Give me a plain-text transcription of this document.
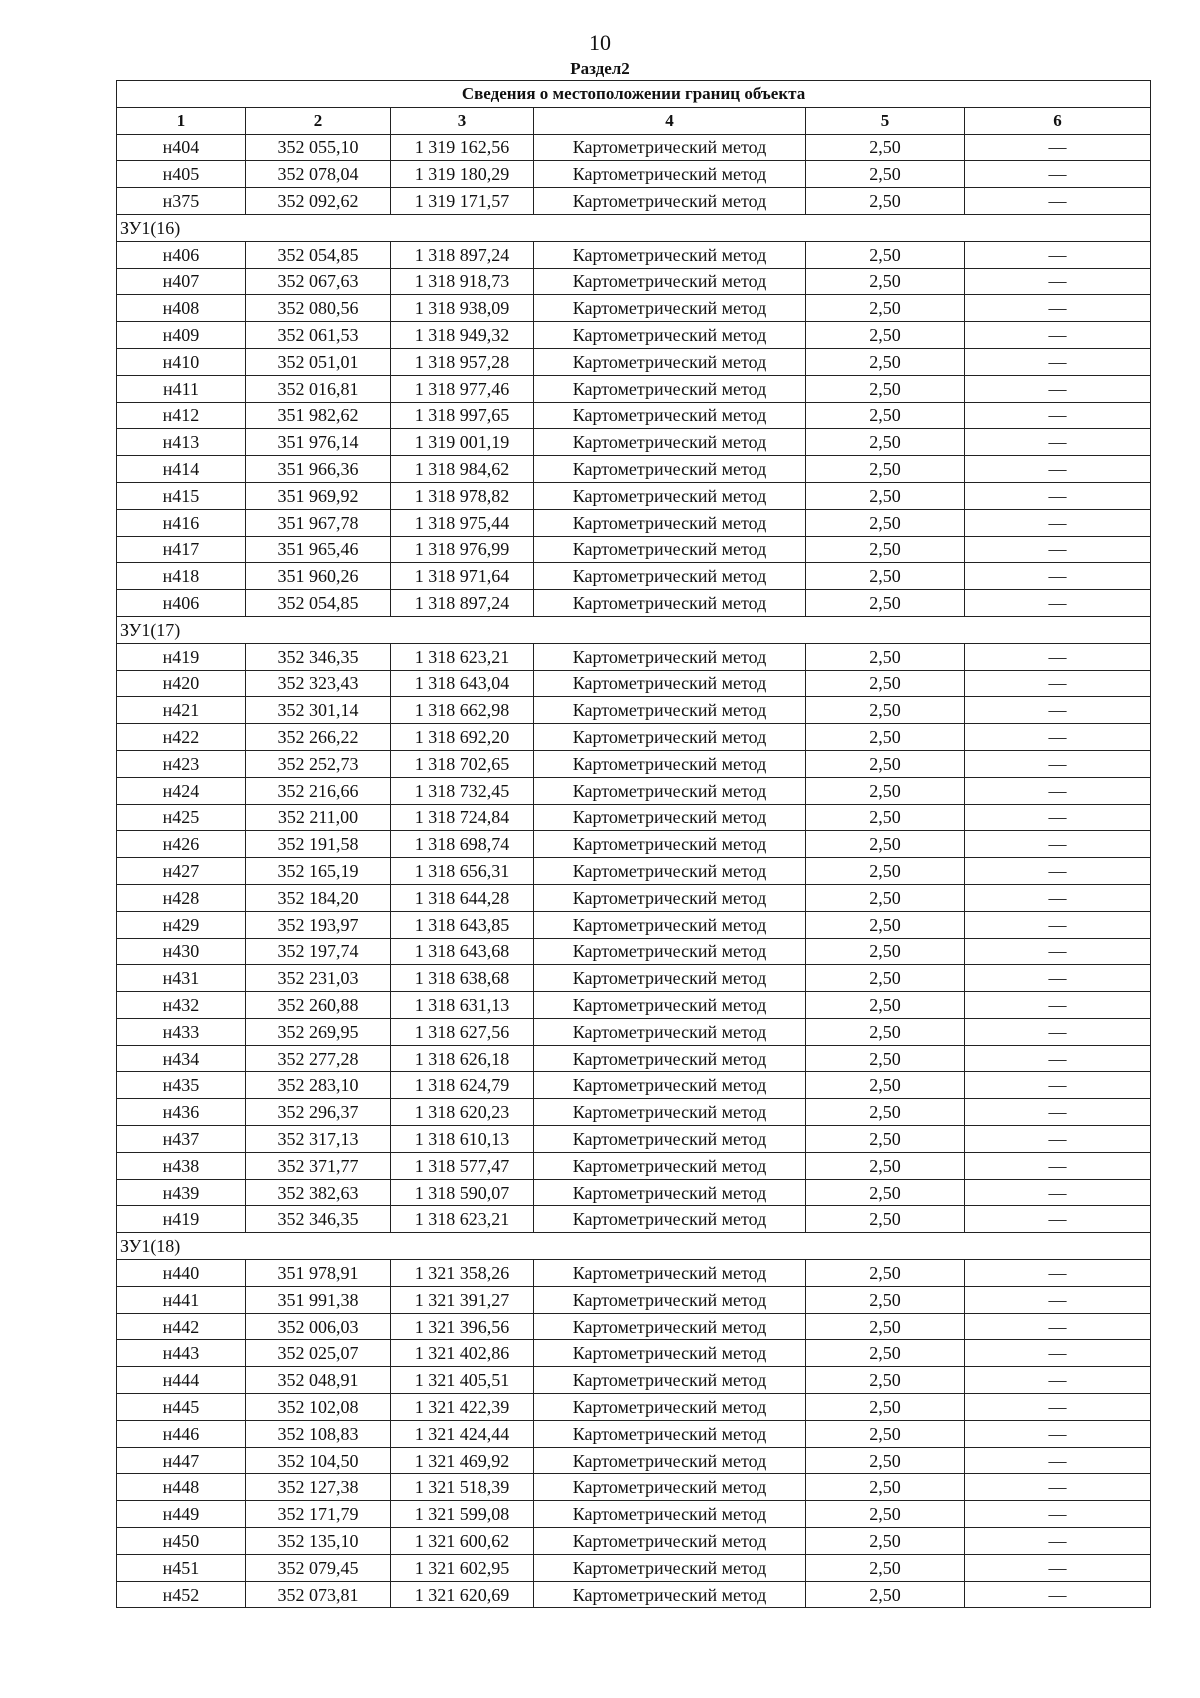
10
Раздел2
Сведения о местоположении границ объекта					
1	2	3	4	5	6
н404	352 055,10	1 319 162,56	Картометрический метод	2,50	—
н405	352 078,04	1 319 180,29	Картометрический метод	2,50	—
н375	352 092,62	1 319 171,57	Картометрический метод	2,50	—
ЗУ1(16)					
н406	352 054,85	1 318 897,24	Картометрический метод	2,50	—
н407	352 067,63	1 318 918,73	Картометрический метод	2,50	—
н408	352 080,56	1 318 938,09	Картометрический метод	2,50	—
н409	352 061,53	1 318 949,32	Картометрический метод	2,50	—
н410	352 051,01	1 318 957,28	Картометрический метод	2,50	—
н411	352 016,81	1 318 977,46	Картометрический метод	2,50	—
н412	351 982,62	1 318 997,65	Картометрический метод	2,50	—
н413	351 976,14	1 319 001,19	Картометрический метод	2,50	—
н414	351 966,36	1 318 984,62	Картометрический метод	2,50	—
н415	351 969,92	1 318 978,82	Картометрический метод	2,50	—
н416	351 967,78	1 318 975,44	Картометрический метод	2,50	—
н417	351 965,46	1 318 976,99	Картометрический метод	2,50	—
н418	351 960,26	1 318 971,64	Картометрический метод	2,50	—
н406	352 054,85	1 318 897,24	Картометрический метод	2,50	—
ЗУ1(17)					
н419	352 346,35	1 318 623,21	Картометрический метод	2,50	—
н420	352 323,43	1 318 643,04	Картометрический метод	2,50	—
н421	352 301,14	1 318 662,98	Картометрический метод	2,50	—
н422	352 266,22	1 318 692,20	Картометрический метод	2,50	—
н423	352 252,73	1 318 702,65	Картометрический метод	2,50	—
н424	352 216,66	1 318 732,45	Картометрический метод	2,50	—
н425	352 211,00	1 318 724,84	Картометрический метод	2,50	—
н426	352 191,58	1 318 698,74	Картометрический метод	2,50	—
н427	352 165,19	1 318 656,31	Картометрический метод	2,50	—
н428	352 184,20	1 318 644,28	Картометрический метод	2,50	—
н429	352 193,97	1 318 643,85	Картометрический метод	2,50	—
н430	352 197,74	1 318 643,68	Картометрический метод	2,50	—
н431	352 231,03	1 318 638,68	Картометрический метод	2,50	—
н432	352 260,88	1 318 631,13	Картометрический метод	2,50	—
н433	352 269,95	1 318 627,56	Картометрический метод	2,50	—
н434	352 277,28	1 318 626,18	Картометрический метод	2,50	—
н435	352 283,10	1 318 624,79	Картометрический метод	2,50	—
н436	352 296,37	1 318 620,23	Картометрический метод	2,50	—
н437	352 317,13	1 318 610,13	Картометрический метод	2,50	—
н438	352 371,77	1 318 577,47	Картометрический метод	2,50	—
н439	352 382,63	1 318 590,07	Картометрический метод	2,50	—
н419	352 346,35	1 318 623,21	Картометрический метод	2,50	—
ЗУ1(18)					
н440	351 978,91	1 321 358,26	Картометрический метод	2,50	—
н441	351 991,38	1 321 391,27	Картометрический метод	2,50	—
н442	352 006,03	1 321 396,56	Картометрический метод	2,50	—
н443	352 025,07	1 321 402,86	Картометрический метод	2,50	—
н444	352 048,91	1 321 405,51	Картометрический метод	2,50	—
н445	352 102,08	1 321 422,39	Картометрический метод	2,50	—
н446	352 108,83	1 321 424,44	Картометрический метод	2,50	—
н447	352 104,50	1 321 469,92	Картометрический метод	2,50	—
н448	352 127,38	1 321 518,39	Картометрический метод	2,50	—
н449	352 171,79	1 321 599,08	Картометрический метод	2,50	—
н450	352 135,10	1 321 600,62	Картометрический метод	2,50	—
н451	352 079,45	1 321 602,95	Картометрический метод	2,50	—
н452	352 073,81	1 321 620,69	Картометрический метод	2,50	—
